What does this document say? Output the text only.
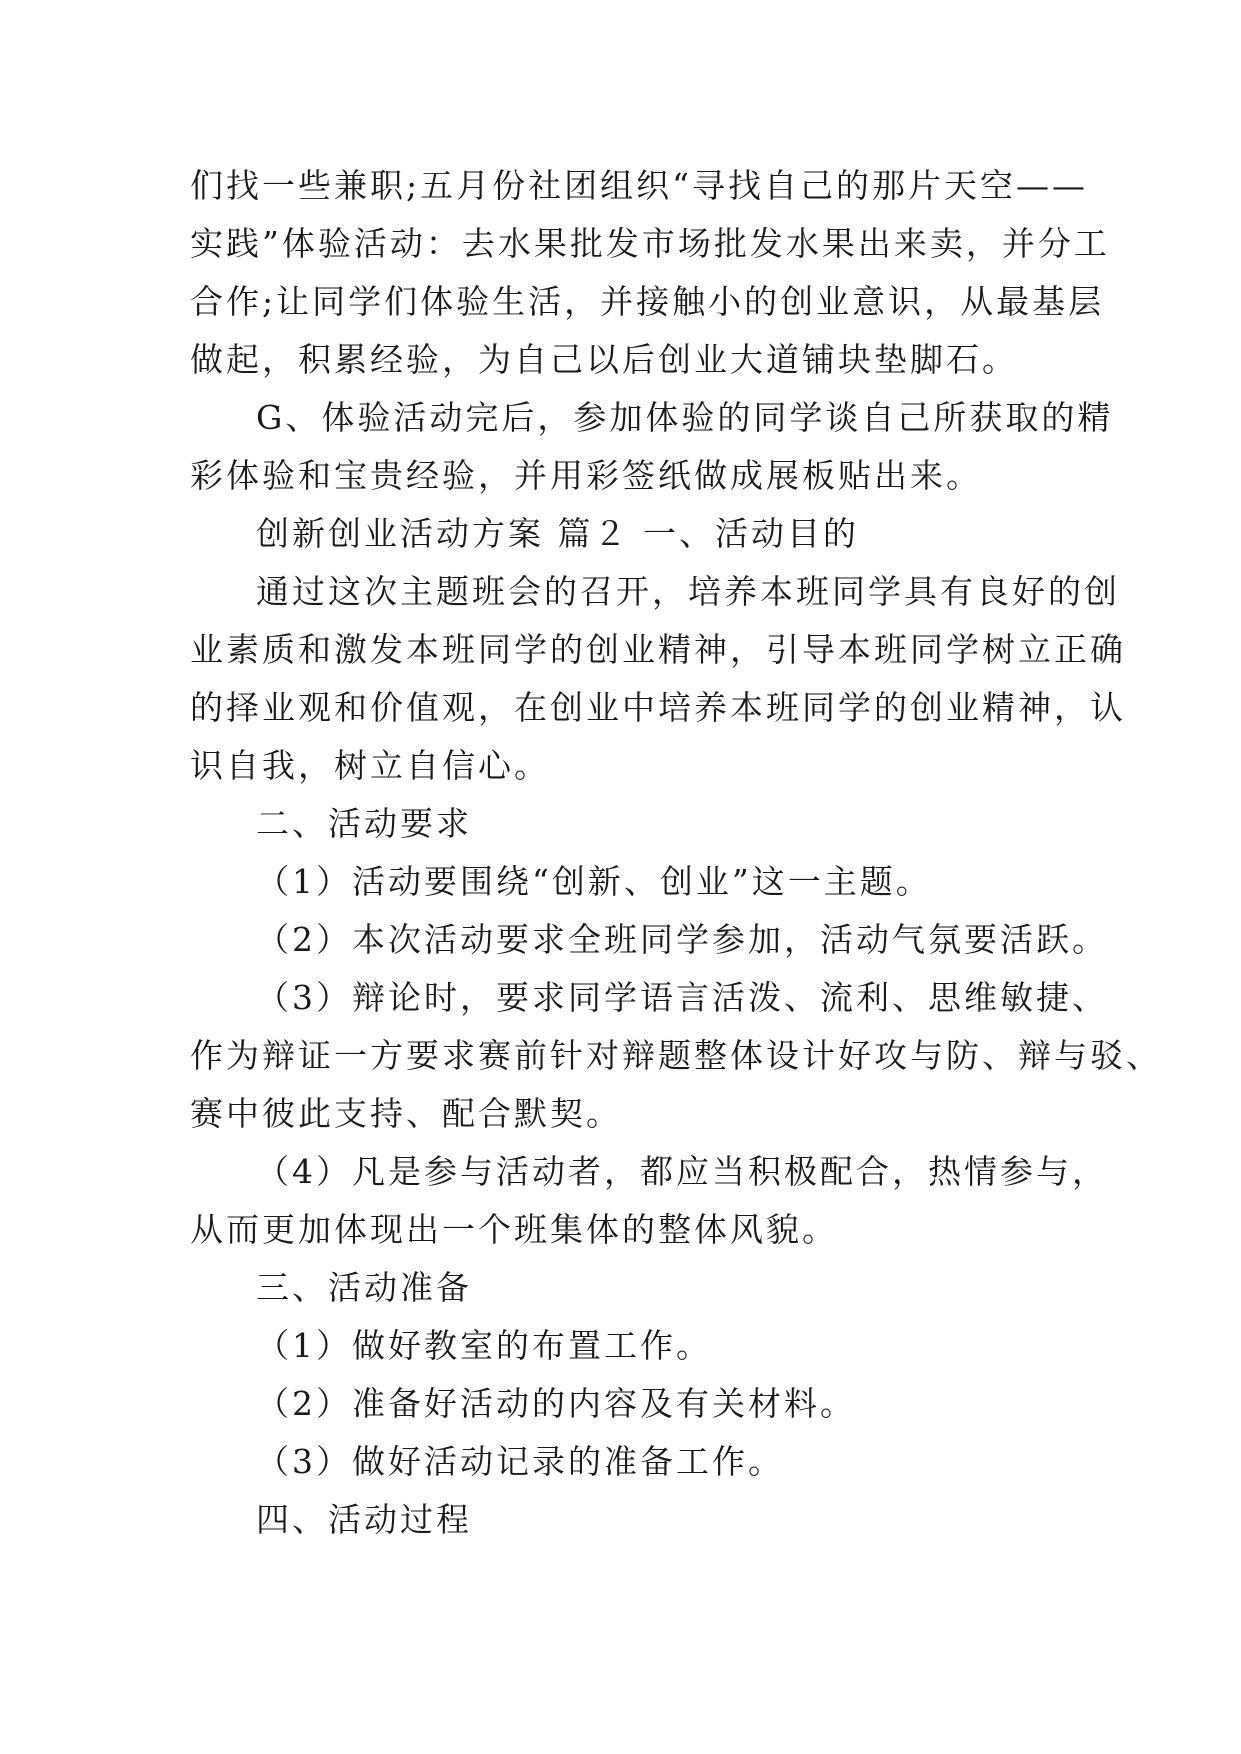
们找一些兼职;五月份社团组织“寻找自己的那片天空——
实践”体验活动：去水果批发市场批发水果出来卖，并分工
合作;让同学们体验生活，并接触小的创业意识，从最基层
做起，积累经验，为自己以后创业大道铺块垫脚石。
G、体验活动完后，参加体验的同学谈自己所获取的精
彩体验和宝贵经验，并用彩签纸做成展板贴出来。
创新创业活动方案 篇２ 一、活动目的
通过这次主题班会的召开，培养本班同学具有良好的创
业素质和激发本班同学的创业精神，引导本班同学树立正确
的择业观和价值观，在创业中培养本班同学的创业精神，认
识自我，树立自信心。
二、活动要求
（1）活动要围绕“创新、创业”这一主题。
（2）本次活动要求全班同学参加，活动气氛要活跃。
（3）辩论时，要求同学语言活泼、流利、思维敏捷、
作为辩证一方要求赛前针对辩题整体设计好攻与防、辩与驳、
赛中彼此支持、配合默契。
（4）凡是参与活动者，都应当积极配合，热情参与，
从而更加体现出一个班集体的整体风貌。
三、活动准备
（1）做好教室的布置工作。
（2）准备好活动的内容及有关材料。
（3）做好活动记录的准备工作。
四、活动过程
